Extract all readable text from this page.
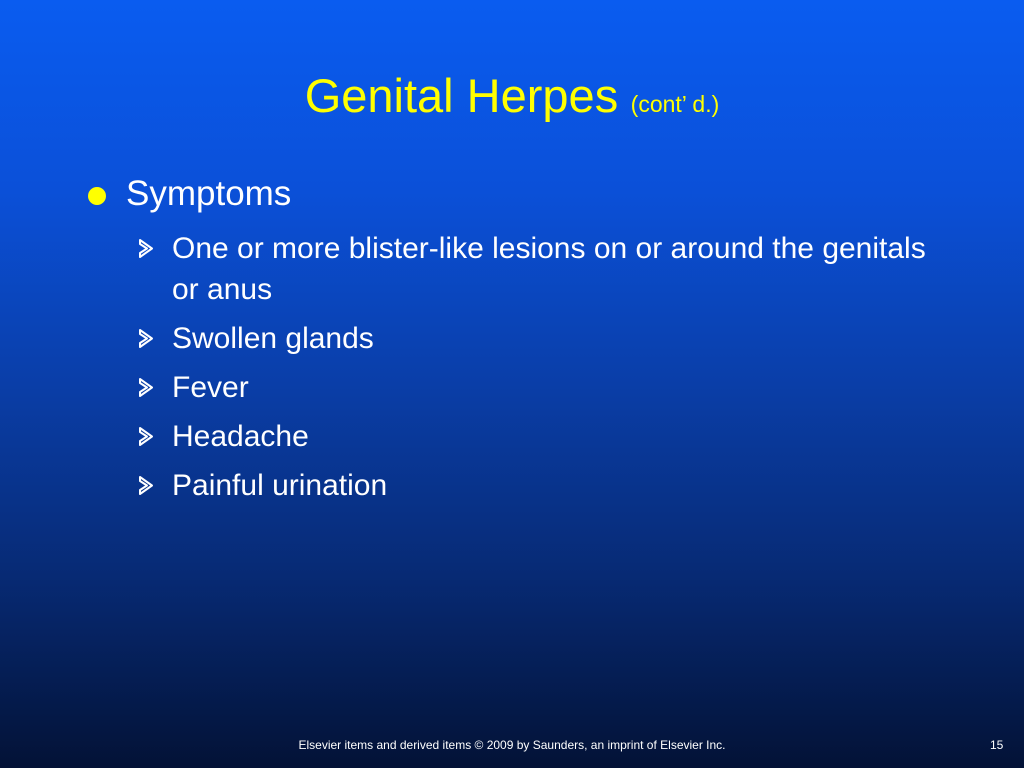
Genital Herpes (cont’ d.)
Symptoms
One or more blister-like lesions on or around the genitals or anus
Swollen glands
Fever
Headache
Painful urination
Elsevier items and derived items © 2009 by Saunders, an imprint of Elsevier Inc.	15
